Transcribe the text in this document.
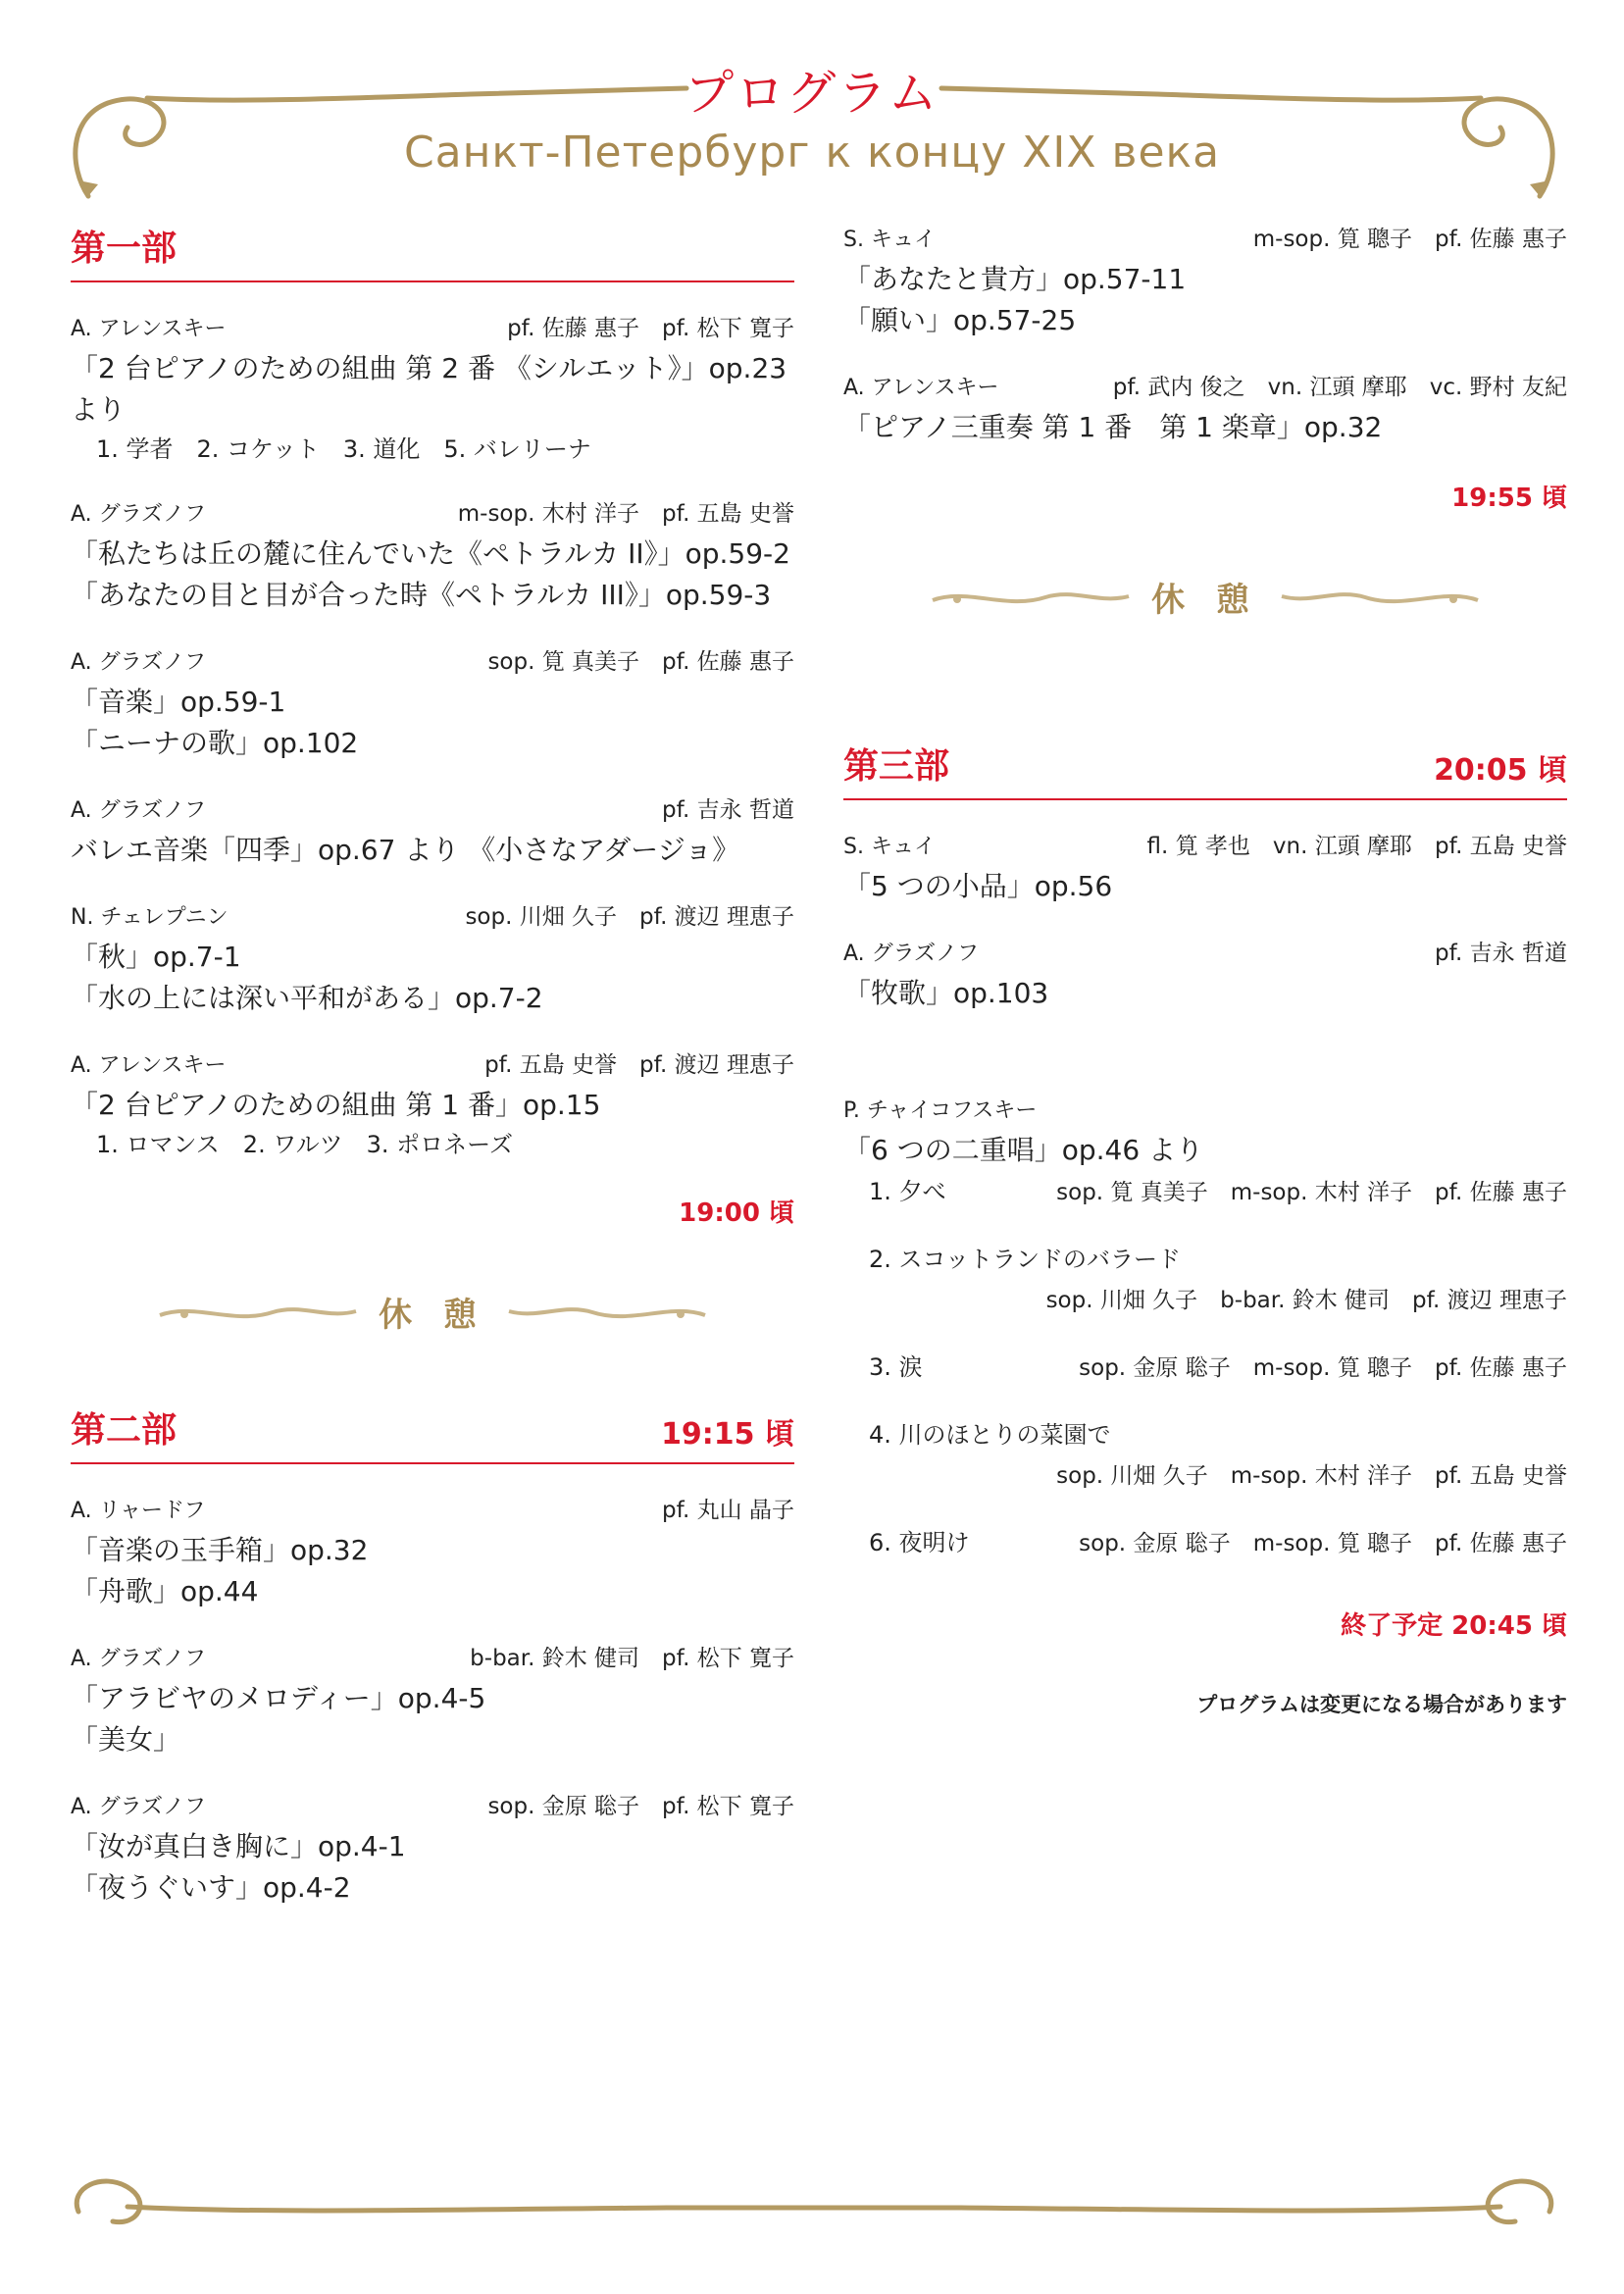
プログラム
Санкт-Петербург к концу XIX века
第一部
A. アレンスキー	pf. 佐藤 惠子　pf. 松下 寛子
「2 台ピアノのための組曲 第 2 番 《シルエット》」op.23 より
1. 学者　2. コケット　3. 道化　5. バレリーナ
A. グラズノフ	m-sop. 木村 洋子　pf. 五島 史誉
「私たちは丘の麓に住んでいた《ペトラルカ II》」op.59-2
「あなたの目と目が合った時《ペトラルカ III》」op.59-3
A. グラズノフ	sop. 筧 真美子　pf. 佐藤 惠子
「音楽」op.59-1
「ニーナの歌」op.102
A. グラズノフ	pf. 吉永 哲道
バレエ音楽「四季」op.67 より 《小さなアダージョ》
N. チェレプニン	sop. 川畑 久子　pf. 渡辺 理恵子
「秋」op.7-1
「水の上には深い平和がある」op.7-2
A. アレンスキー	pf. 五島 史誉　pf. 渡辺 理恵子
「2 台ピアノのための組曲 第 1 番」op.15
1. ロマンス　2. ワルツ　3. ポロネーズ
19:00 頃
休 憩
第二部	19:15 頃
A. リャードフ	pf. 丸山 晶子
「音楽の玉手箱」op.32
「舟歌」op.44
A. グラズノフ	b-bar. 鈴木 健司　pf. 松下 寛子
「アラビヤのメロディー」op.4-5
「美女」
A. グラズノフ	sop. 金原 聡子　pf. 松下 寛子
「汝が真白き胸に」op.4-1
「夜うぐいす」op.4-2
S. キュイ	m-sop. 筧 聰子　pf. 佐藤 惠子
「あなたと貴方」op.57-11
「願い」op.57-25
A. アレンスキー	pf. 武内 俊之　vn. 江頭 摩耶　vc. 野村 友紀
「ピアノ三重奏 第 1 番　第 1 楽章」op.32
19:55 頃
休 憩
第三部	20:05 頃
S. キュイ	fl. 筧 孝也　vn. 江頭 摩耶　pf. 五島 史誉
「5 つの小品」op.56
A. グラズノフ	pf. 吉永 哲道
「牧歌」op.103
P. チャイコフスキー
「6 つの二重唱」op.46 より
1. 夕べ	sop. 筧 真美子　m-sop. 木村 洋子　pf. 佐藤 惠子
2. スコットランドのバラード
sop. 川畑 久子　b-bar. 鈴木 健司　pf. 渡辺 理恵子
3. 涙	sop. 金原 聡子　m-sop. 筧 聰子　pf. 佐藤 惠子
4. 川のほとりの菜園で
sop. 川畑 久子　m-sop. 木村 洋子　pf. 五島 史誉
6. 夜明け	sop. 金原 聡子　m-sop. 筧 聰子　pf. 佐藤 惠子
終了予定 20:45 頃
プログラムは変更になる場合があります
